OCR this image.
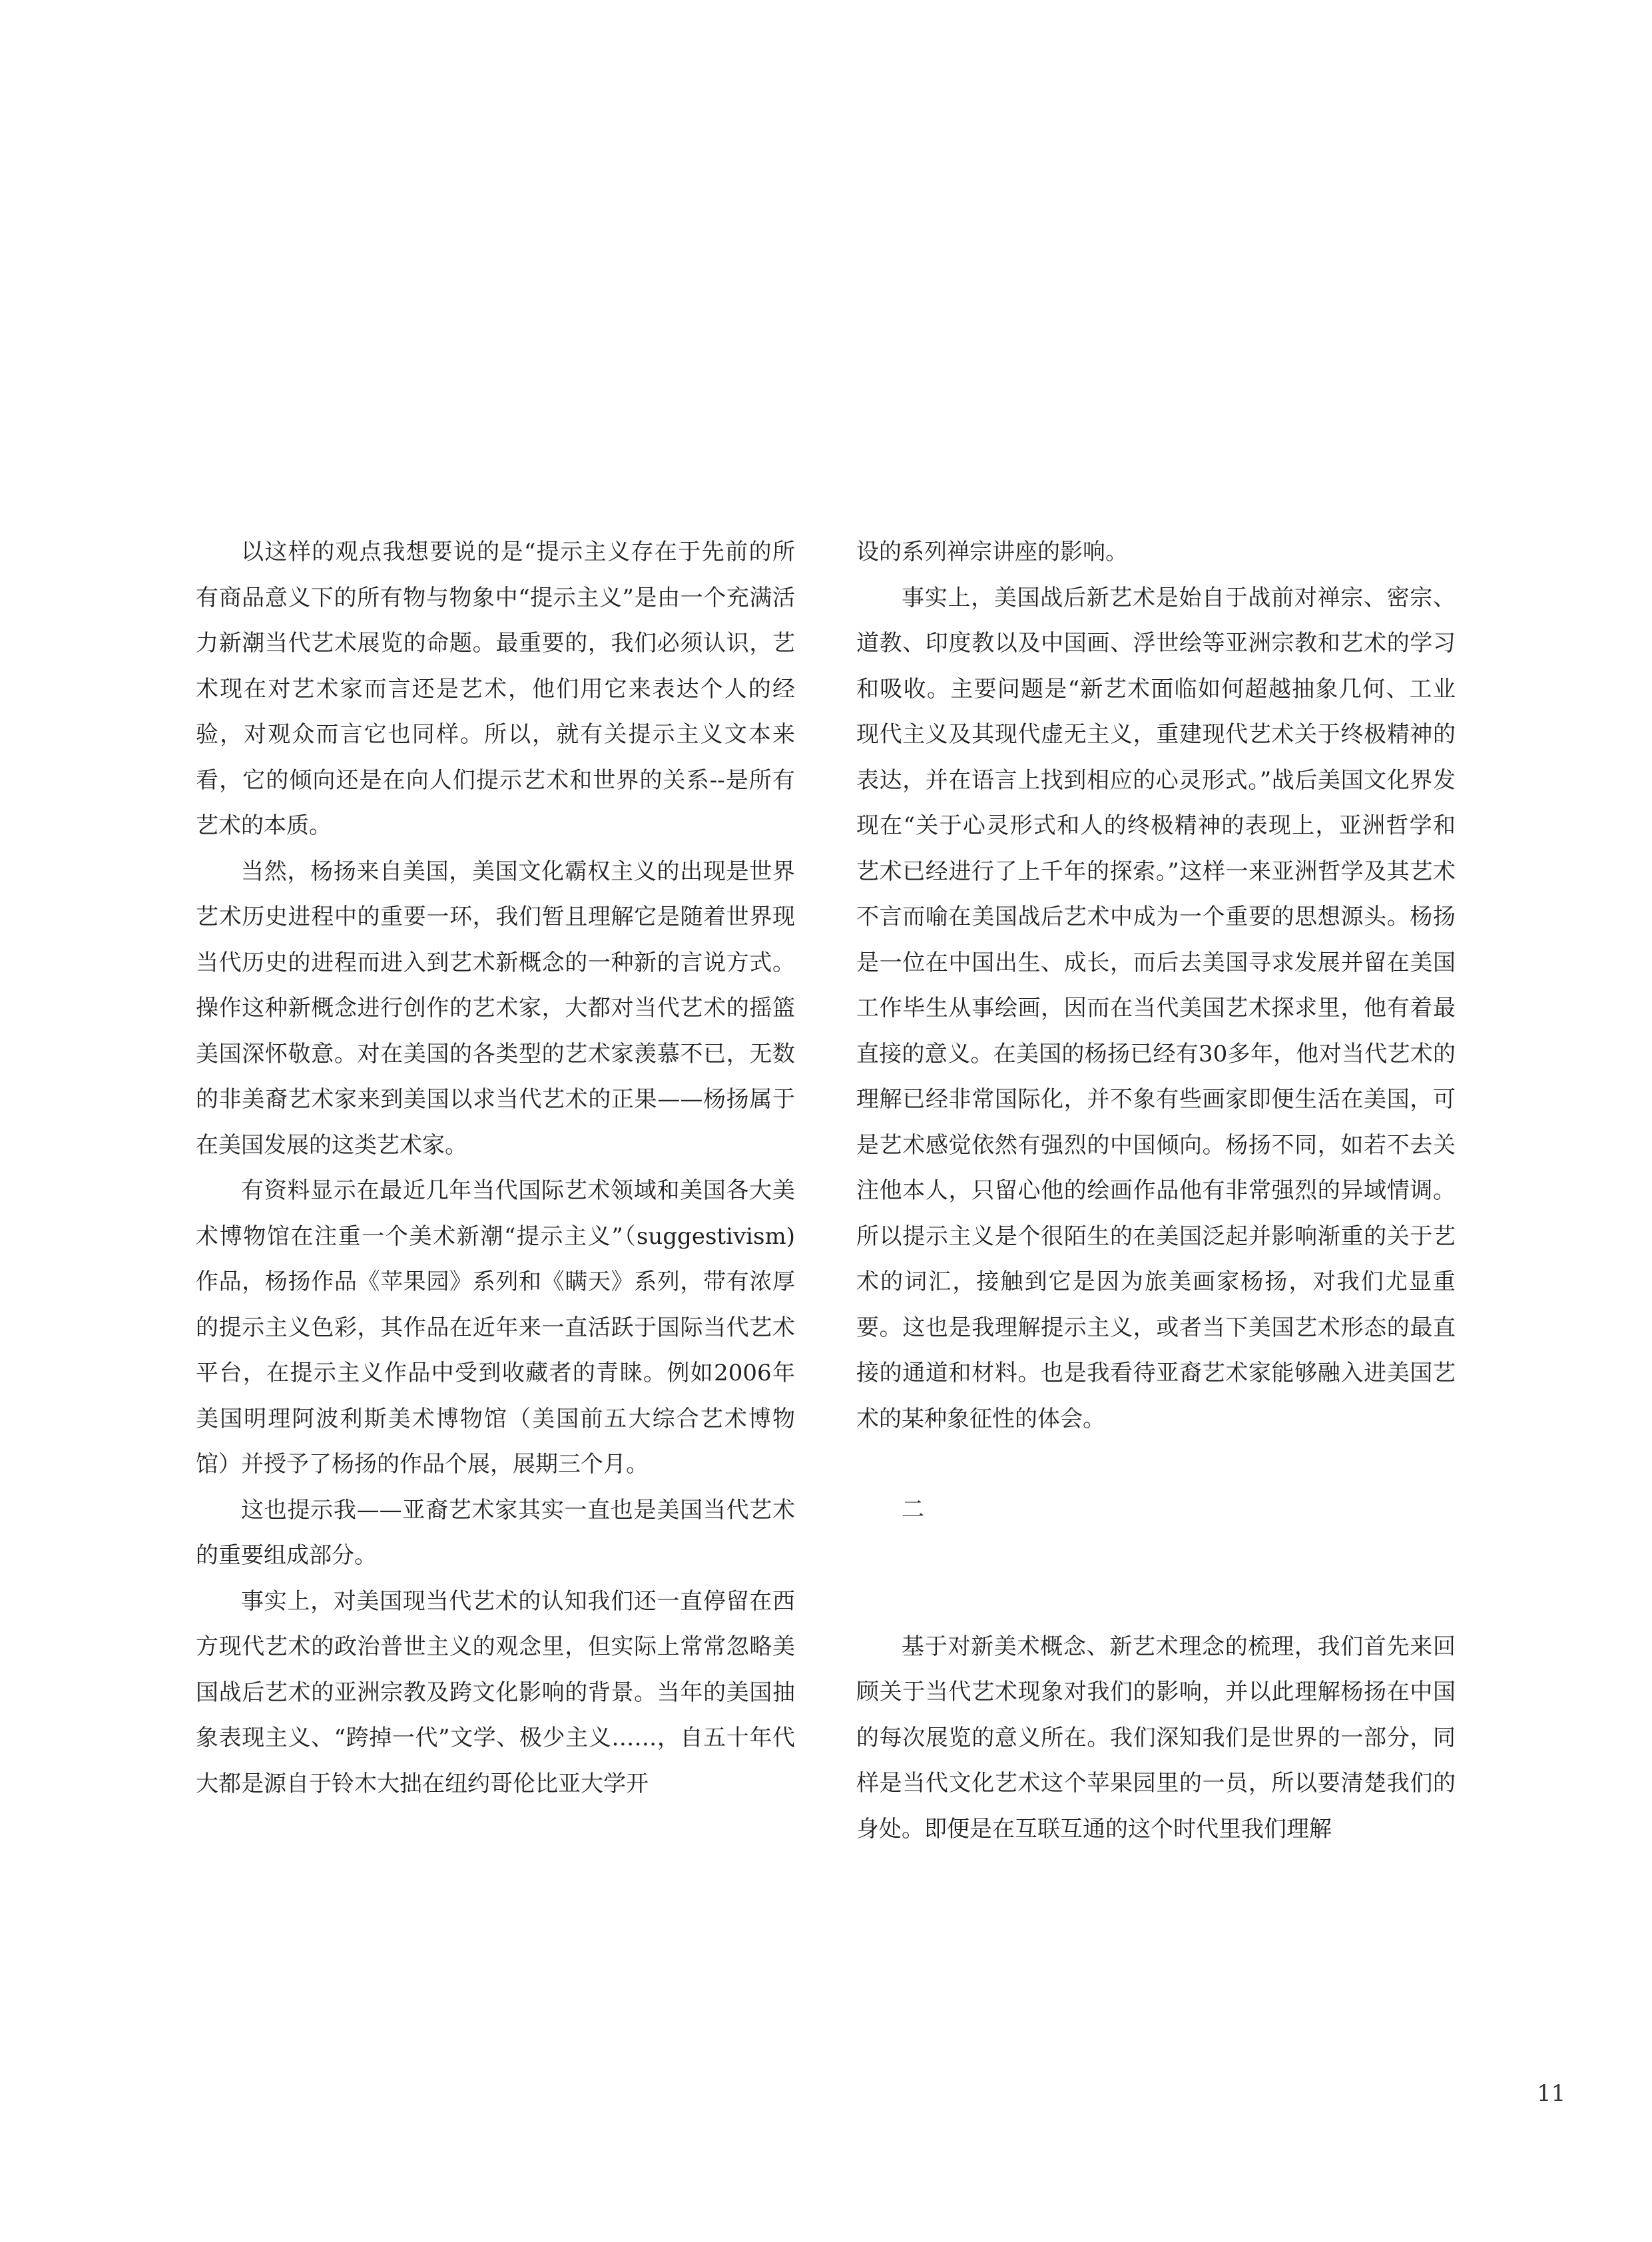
以这样的观点我想要说的是“提示主义存在于先前的所有商品意义下的所有物与物象中“提示主义”是由一个充满活力新潮当代艺术展览的命题。最重要的，我们必须认识，艺术现在对艺术家而言还是艺术，他们用它来表达个人的经验，对观众而言它也同样。所以，就有关提示主义文本来看，它的倾向还是在向人们提示艺术和世界的关系--是所有艺术的本质。

当然，杨扬来自美国，美国文化霸权主义的出现是世界艺术历史进程中的重要一环，我们暂且理解它是随着世界现当代历史的进程而进入到艺术新概念的一种新的言说方式。操作这种新概念进行创作的艺术家，大都对当代艺术的摇篮美国深怀敬意。对在美国的各类型的艺术家羡慕不已，无数的非美裔艺术家来到美国以求当代艺术的正果——杨扬属于在美国发展的这类艺术家。

有资料显示在最近几年当代国际艺术领域和美国各大美术博物馆在注重一个美术新潮“提示主义”（suggestivism)作品，杨扬作品《苹果园》系列和《瞒天》系列，带有浓厚的提示主义色彩，其作品在近年来一直活跃于国际当代艺术平台，在提示主义作品中受到收藏者的青睐。例如2006年美国明理阿波利斯美术博物馆（美国前五大综合艺术博物馆）并授予了杨扬的作品个展，展期三个月。

这也提示我——亚裔艺术家其实一直也是美国当代艺术的重要组成部分。

事实上，对美国现当代艺术的认知我们还一直停留在西方现代艺术的政治普世主义的观念里，但实际上常常忽略美国战后艺术的亚洲宗教及跨文化影响的背景。当年的美国抽象表现主义、“跨掉一代”文学、极少主义……，自五十年代大都是源自于铃木大拙在纽约哥伦比亚大学开

设的系列禅宗讲座的影响。

事实上，美国战后新艺术是始自于战前对禅宗、密宗、道教、印度教以及中国画、浮世绘等亚洲宗教和艺术的学习和吸收。主要问题是“新艺术面临如何超越抽象几何、工业现代主义及其现代虚无主义，重建现代艺术关于终极精神的表达，并在语言上找到相应的心灵形式。”战后美国文化界发现在“关于心灵形式和人的终极精神的表现上，亚洲哲学和艺术已经进行了上千年的探索。”这样一来亚洲哲学及其艺术不言而喻在美国战后艺术中成为一个重要的思想源头。杨扬是一位在中国出生、成长，而后去美国寻求发展并留在美国工作毕生从事绘画，因而在当代美国艺术探求里，他有着最直接的意义。在美国的杨扬已经有30多年，他对当代艺术的理解已经非常国际化，并不象有些画家即便生活在美国，可是艺术感觉依然有强烈的中国倾向。杨扬不同，如若不去关注他本人，只留心他的绘画作品他有非常强烈的异域情调。所以提示主义是个很陌生的在美国泛起并影响渐重的关于艺术的词汇，接触到它是因为旅美画家杨扬，对我们尤显重要。这也是我理解提示主义，或者当下美国艺术形态的最直接的通道和材料。也是我看待亚裔艺术家能够融入进美国艺术的某种象征性的体会。

二

基于对新美术概念、新艺术理念的梳理，我们首先来回顾关于当代艺术现象对我们的影响，并以此理解杨扬在中国的每次展览的意义所在。我们深知我们是世界的一部分，同样是当代文化艺术这个苹果园里的一员，所以要清楚我们的身处。即便是在互联互通的这个时代里我们理解

11
